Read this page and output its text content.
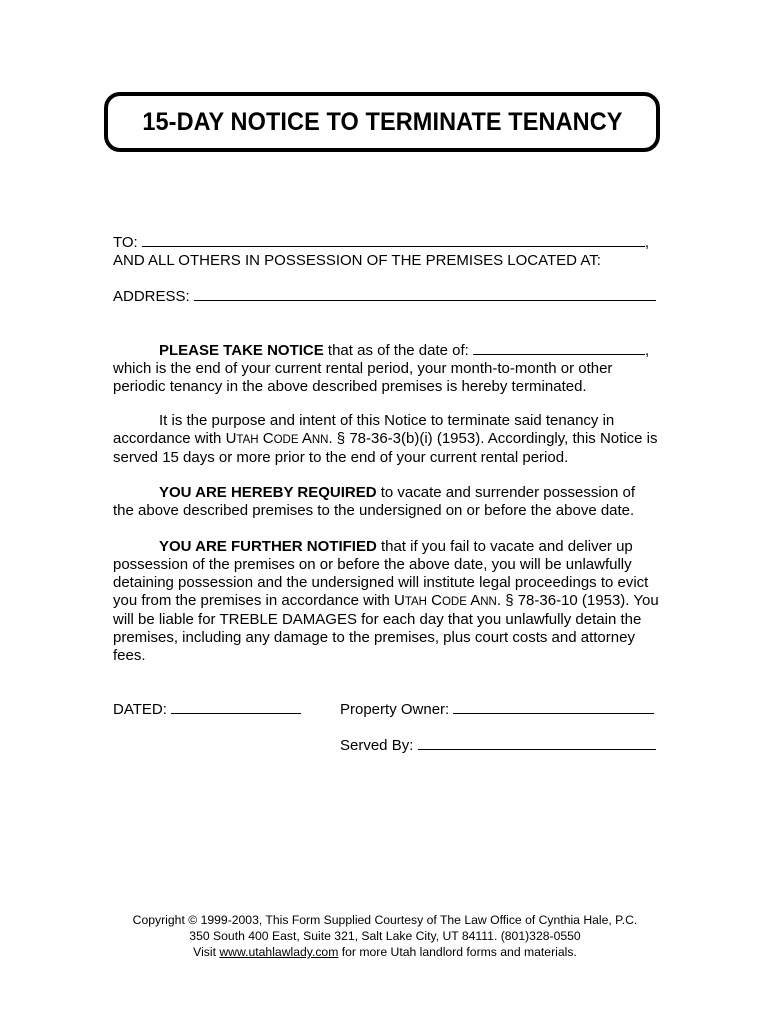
15-DAY NOTICE TO TERMINATE TENANCY

TO:	,
AND ALL OTHERS IN POSSESSION OF THE PREMISES LOCATED AT:

ADDRESS:

PLEASE TAKE NOTICE that as of the date of:	, which is the end of your current rental period, your month-to-month or other periodic tenancy in the above described premises is hereby terminated.

It is the purpose and intent of this Notice to terminate said tenancy in accordance with UTAH CODE ANN. § 78-36-3(b)(i) (1953). Accordingly, this Notice is served 15 days or more prior to the end of your current rental period.

YOU ARE HEREBY REQUIRED to vacate and surrender possession of the above described premises to the undersigned on or before the above date.

YOU ARE FURTHER NOTIFIED that if you fail to vacate and deliver up possession of the premises on or before the above date, you will be unlawfully detaining possession and the undersigned will institute legal proceedings to evict you from the premises in accordance with UTAH CODE ANN. § 78-36-10 (1953). You will be liable for TREBLE DAMAGES for each day that you unlawfully detain the premises, including any damage to the premises, plus court costs and attorney fees.

DATED:	Property Owner:
Served By:

Copyright © 1999-2003, This Form Supplied Courtesy of The Law Office of Cynthia Hale, P.C.

350 South 400 East, Suite 321, Salt Lake City, UT 84111. (801)328-0550

Visit www.utahlawlady.com for more Utah landlord forms and materials.
